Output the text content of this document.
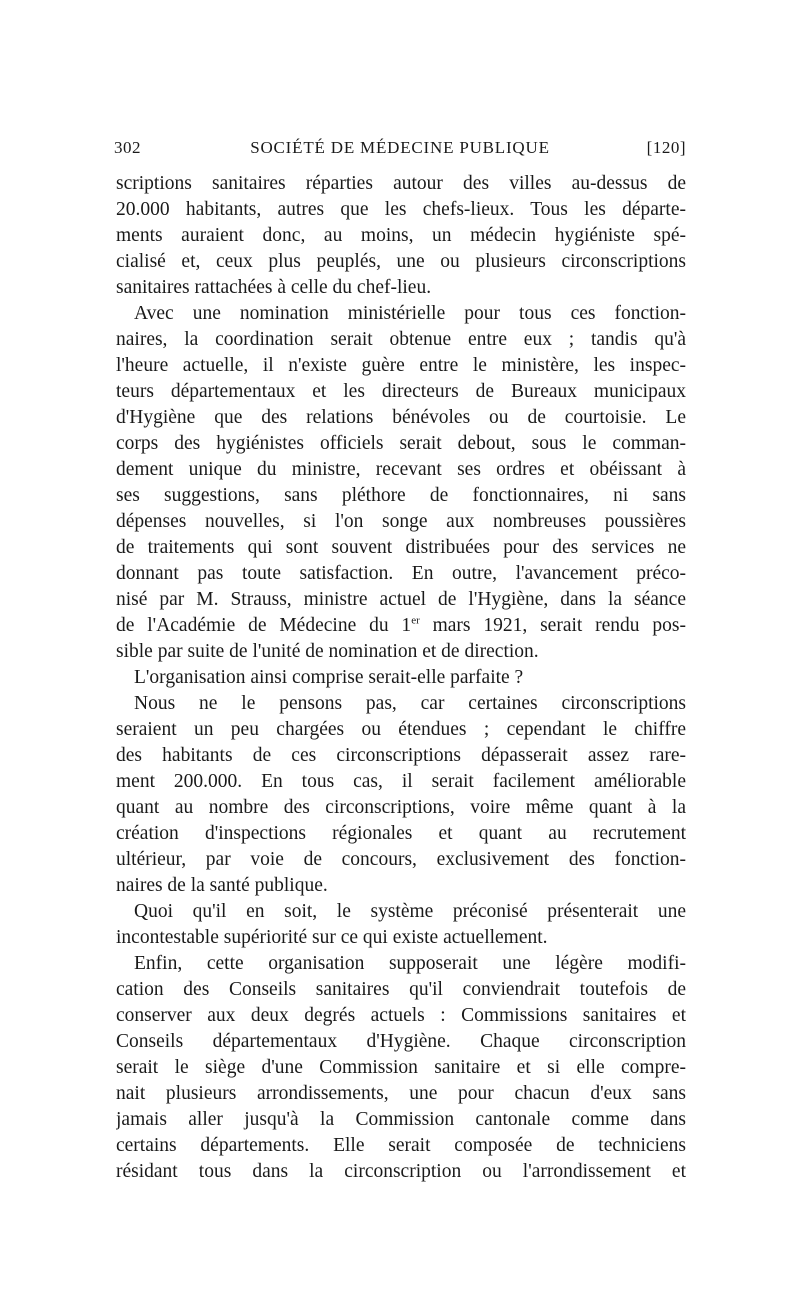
302	SOCIÉTÉ DE MÉDECINE PUBLIQUE	[120]
scriptions sanitaires réparties autour des villes au-dessus de
20.000 habitants, autres que les chefs-lieux. Tous les départe-
ments auraient donc, au moins, un médecin hygiéniste spé-
cialisé et, ceux plus peuplés, une ou plusieurs circonscriptions
sanitaires rattachées à celle du chef-lieu.
Avec une nomination ministérielle pour tous ces fonction-
naires, la coordination serait obtenue entre eux ; tandis qu'à
l'heure actuelle, il n'existe guère entre le ministère, les inspec-
teurs départementaux et les directeurs de Bureaux municipaux
d'Hygiène que des relations bénévoles ou de courtoisie. Le
corps des hygiénistes officiels serait debout, sous le comman-
dement unique du ministre, recevant ses ordres et obéissant à
ses suggestions, sans pléthore de fonctionnaires, ni sans
dépenses nouvelles, si l'on songe aux nombreuses poussières
de traitements qui sont souvent distribuées pour des services ne
donnant pas toute satisfaction. En outre, l'avancement préco-
nisé par M. Strauss, ministre actuel de l'Hygiène, dans la séance
de l'Académie de Médecine du 1er mars 1921, serait rendu pos-
sible par suite de l'unité de nomination et de direction.
L'organisation ainsi comprise serait-elle parfaite ?
Nous ne le pensons pas, car certaines circonscriptions
seraient un peu chargées ou étendues ; cependant le chiffre
des habitants de ces circonscriptions dépasserait assez rare-
ment 200.000. En tous cas, il serait facilement améliorable
quant au nombre des circonscriptions, voire même quant à la
création d'inspections régionales et quant au recrutement
ultérieur, par voie de concours, exclusivement des fonction-
naires de la santé publique.
Quoi qu'il en soit, le système préconisé présenterait une
incontestable supériorité sur ce qui existe actuellement.
Enfin, cette organisation supposerait une légère modifi-
cation des Conseils sanitaires qu'il conviendrait toutefois de
conserver aux deux degrés actuels : Commissions sanitaires et
Conseils départementaux d'Hygiène. Chaque circonscription
serait le siège d'une Commission sanitaire et si elle compre-
nait plusieurs arrondissements, une pour chacun d'eux sans
jamais aller jusqu'à la Commission cantonale comme dans
certains départements. Elle serait composée de techniciens
résidant tous dans la circonscription ou l'arrondissement et
